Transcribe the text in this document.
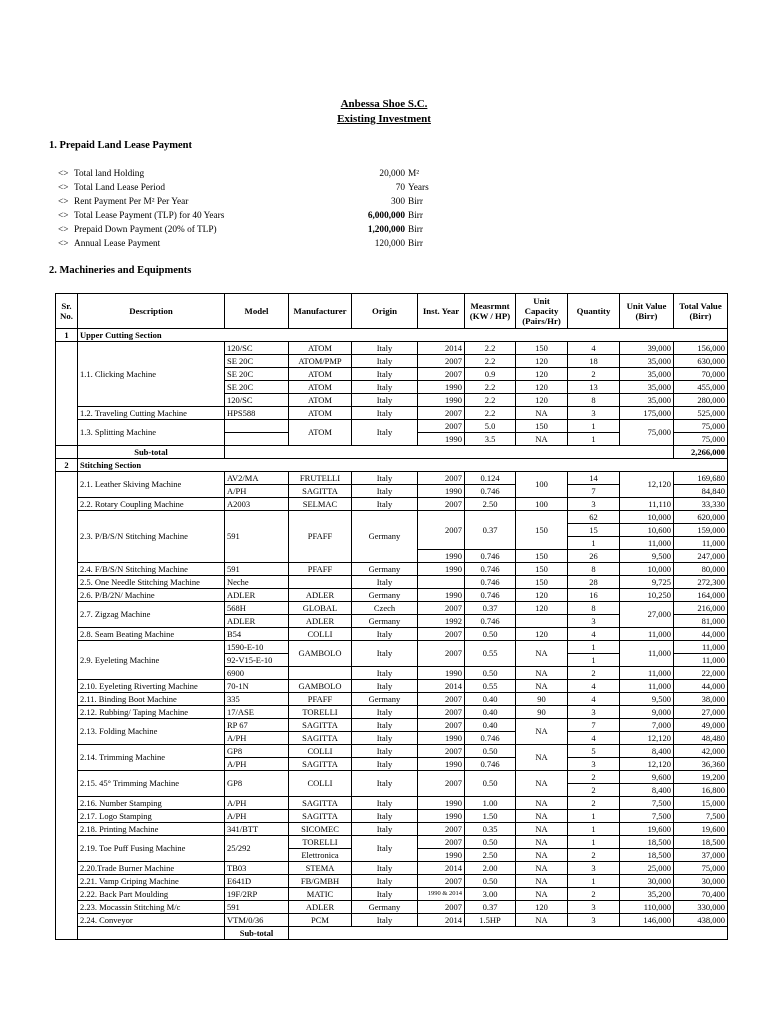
Anbessa Shoe S.C.
Existing Investment
1. Prepaid Land Lease Payment
<> Total land Holding	20,000 M²
<> Total Land Lease Period	70 Years
<> Rent Payment Per M² Per Year	300 Birr
<> Total Lease Payment (TLP) for 40 Years	6,000,000 Birr
<> Prepaid Down Payment (20% of TLP)	1,200,000 Birr
<> Annual Lease Payment	120,000 Birr
2. Machineries and Equipments
Sr. No.	Description	Model	Manufacturer	Origin	Inst. Year	Measrmnt (KW / HP)	Unit Capacity (Pairs/Hr)	Quantity	Unit Value (Birr)	Total Value (Birr)	
1	Upper Cutting Section										
	1.1. Clicking Machine	120/SC	ATOM	Italy	2014	2.2	150	4	39,000	156,000	
		SE 20C	ATOM/PMP	Italy	2007	2.2	120	18	35,000	630,000	
		SE 20C	ATOM	Italy	2007	0.9	120	2	35,000	70,000	
		SE 20C	ATOM	Italy	1990	2.2	120	13	35,000	455,000	
		120/SC	ATOM	Italy	1990	2.2	120	8	35,000	280,000	
	1.2. Traveling Cutting Machine	HPS588	ATOM	Italy	2007	2.2	NA	3	175,000	525,000	
	1.3. Splitting Machine		ATOM	Italy	2007	5.0	150	1	75,000	75,000	
					1990	3.5	NA	1		75,000	
	Sub-total									2,266,000	
2	Stitching Section										
	2.1. Leather Skiving Machine	AV2/MA	FRUTELLI	Italy	2007	0.124	100	14	12,120	169,680	
		A/PH	SAGITTA	Italy	1990	0.746		7		84,840	
	2.2. Rotary Coupling Machine	A2003	SELMAC	Italy	2007	2.50	100	3	11,110	33,330	
	2.3. P/B/S/N Stitching Machine	591	PFAFF	Germany	2007	0.37	150	62	10,000	620,000	
								15	10,600	159,000	
								1	11,000	11,000	
					1990	0.746	150	26	9,500	247,000	
	2.4. F/B/S/N Stitching Machine	591	PFAFF	Germany	1990	0.746	150	8	10,000	80,000	
	2.5. One Needle Stitching Machine	Neche		Italy		0.746	150	28	9,725	272,300	
	2.6. P/B/2N/ Machine	ADLER	ADLER	Germany	1990	0.746	120	16	10,250	164,000	
	2.7. Zigzag Machine	568H	GLOBAL	Czech	2007	0.37	120	8	27,000	216,000	
		ADLER	ADLER	Germany	1992	0.746		3		81,000	
	2.8. Seam Beating Machine	B54	COLLI	Italy	2007	0.50	120	4	11,000	44,000	
	2.9. Eyeleting Machine	1590-E-10	GAMBOLO	Italy	2007	0.55	NA	1	11,000	11,000	
		92-V15-E-10						1		11,000	
		6900		Italy	1990	0.50	NA	2	11,000	22,000	
	2.10. Eyeleting Riverting Machine	70-1N	GAMBOLO	Italy	2014	0.55	NA	4	11,000	44,000	
	2.11. Binding Boot Machine	335	PFAFF	Germany	2007	0.40	90	4	9,500	38,000	
	2.12. Rubbing/ Taping Machine	17/ASE	TORELLI	Italy	2007	0.40	90	3	9,000	27,000	
	2.13. Folding Machine	RP 67	SAGITTA	Italy	2007	0.40	NA	7	7,000	49,000	
		A/PH	SAGITTA	Italy	1990	0.746		4	12,120	48,480	
	2.14. Trimming Machine	GP8	COLLI	Italy	2007	0.50	NA	5	8,400	42,000	
		A/PH	SAGITTA	Italy	1990	0.746		3	12,120	36,360	
	2.15. 45° Trimming Machine	GP8	COLLI	Italy	2007	0.50	NA	2	9,600	19,200	
								2	8,400	16,800	
	2.16. Number Stamping	A/PH	SAGITTA	Italy	1990	1.00	NA	2	7,500	15,000	
	2.17. Logo Stamping	A/PH	SAGITTA	Italy	1990	1.50	NA	1	7,500	7,500	
	2.18. Printing Machine	341/BTT	SICOMEC	Italy	2007	0.35	NA	1	19,600	19,600	
	2.19. Toe Puff Fusing Machine	25/292	TORELLI	Italy	2007	0.50	NA	1	18,500	18,500	
			Elettronica		1990	2.50	NA	2	18,500	37,000	
	2.20.Trade Burner Machine	TB03	STEMA	Italy	2014	2.00	NA	3	25,000	75,000	
	2.21. Vamp Criping Machine	E641D	FB/GMBH	Italy	2007	0.50	NA	1	30,000	30,000	
	2.22. Back Part Moulding	19F/2RP	MATIC	Italy	1990 & 2014	3.00	NA	2	35,200	70,400	
	2.23. Mocassin Stitching M/c	591	ADLER	Germany	2007	0.37	120	3	110,000	330,000	
	2.24. Conveyor	VTM/0/36	PCM	Italy	2014	1.5HP	NA	3	146,000	438,000	
		Sub-total		
